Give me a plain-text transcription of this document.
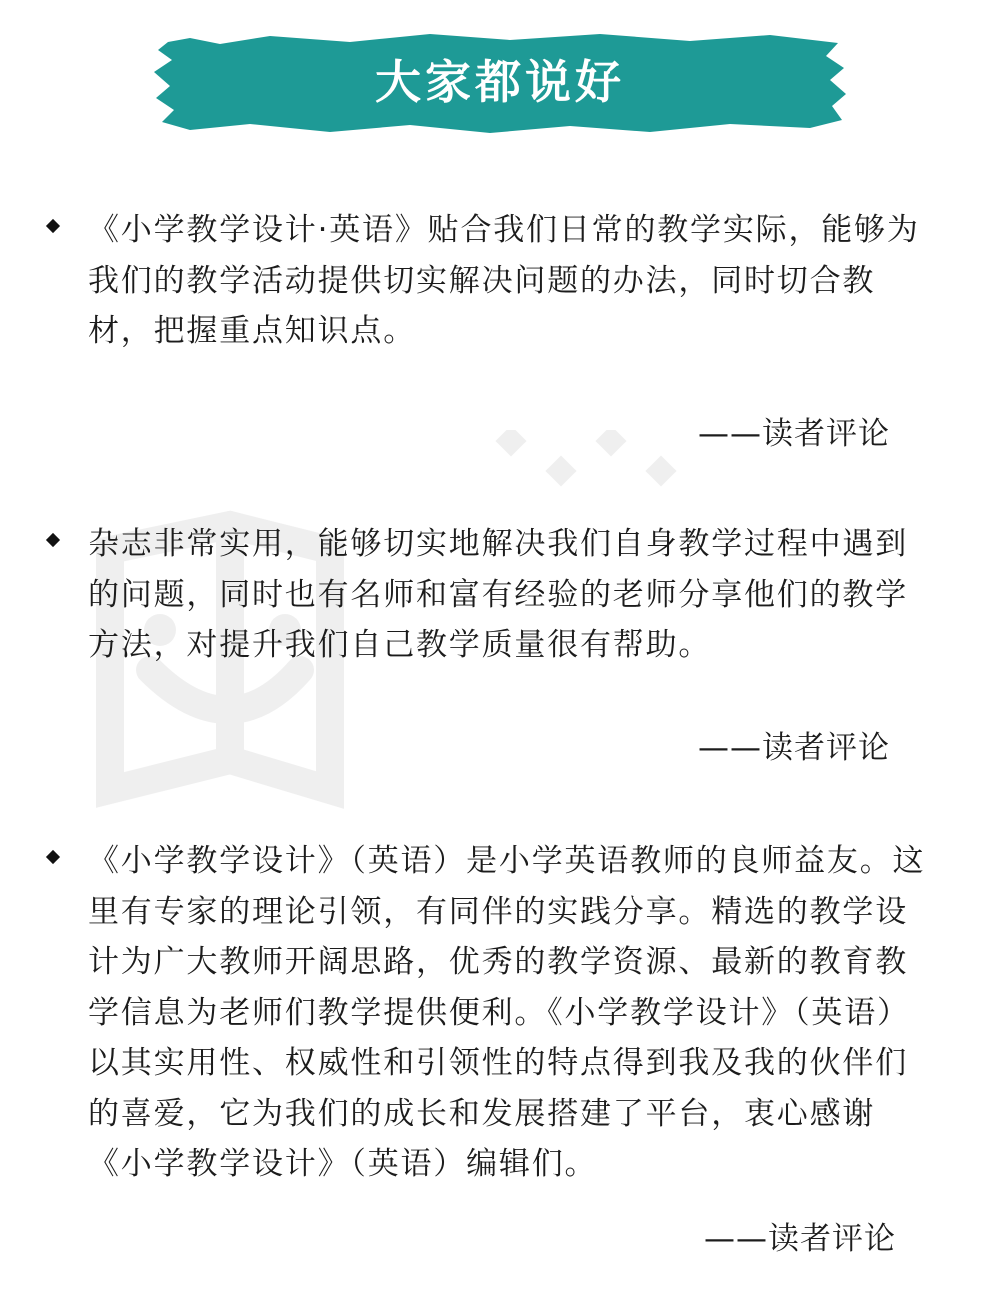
大家都说好

《小学教学设计·英语》贴合我们日常的教学实际，能够为我们的教学活动提供切实解决问题的办法，同时切合教材，把握重点知识点。

——读者评论

杂志非常实用，能够切实地解决我们自身教学过程中遇到的问题，同时也有名师和富有经验的老师分享他们的教学方法，对提升我们自己教学质量很有帮助。

——读者评论

《小学教学设计》（英语）是小学英语教师的良师益友。这里有专家的理论引领，有同伴的实践分享。精选的教学设计为广大教师开阔思路，优秀的教学资源、最新的教育教学信息为老师们教学提供便利。《小学教学设计》（英语）以其实用性、权威性和引领性的特点得到我及我的伙伴们的喜爱，它为我们的成长和发展搭建了平台，衷心感谢《小学教学设计》（英语）编辑们。

——读者评论
